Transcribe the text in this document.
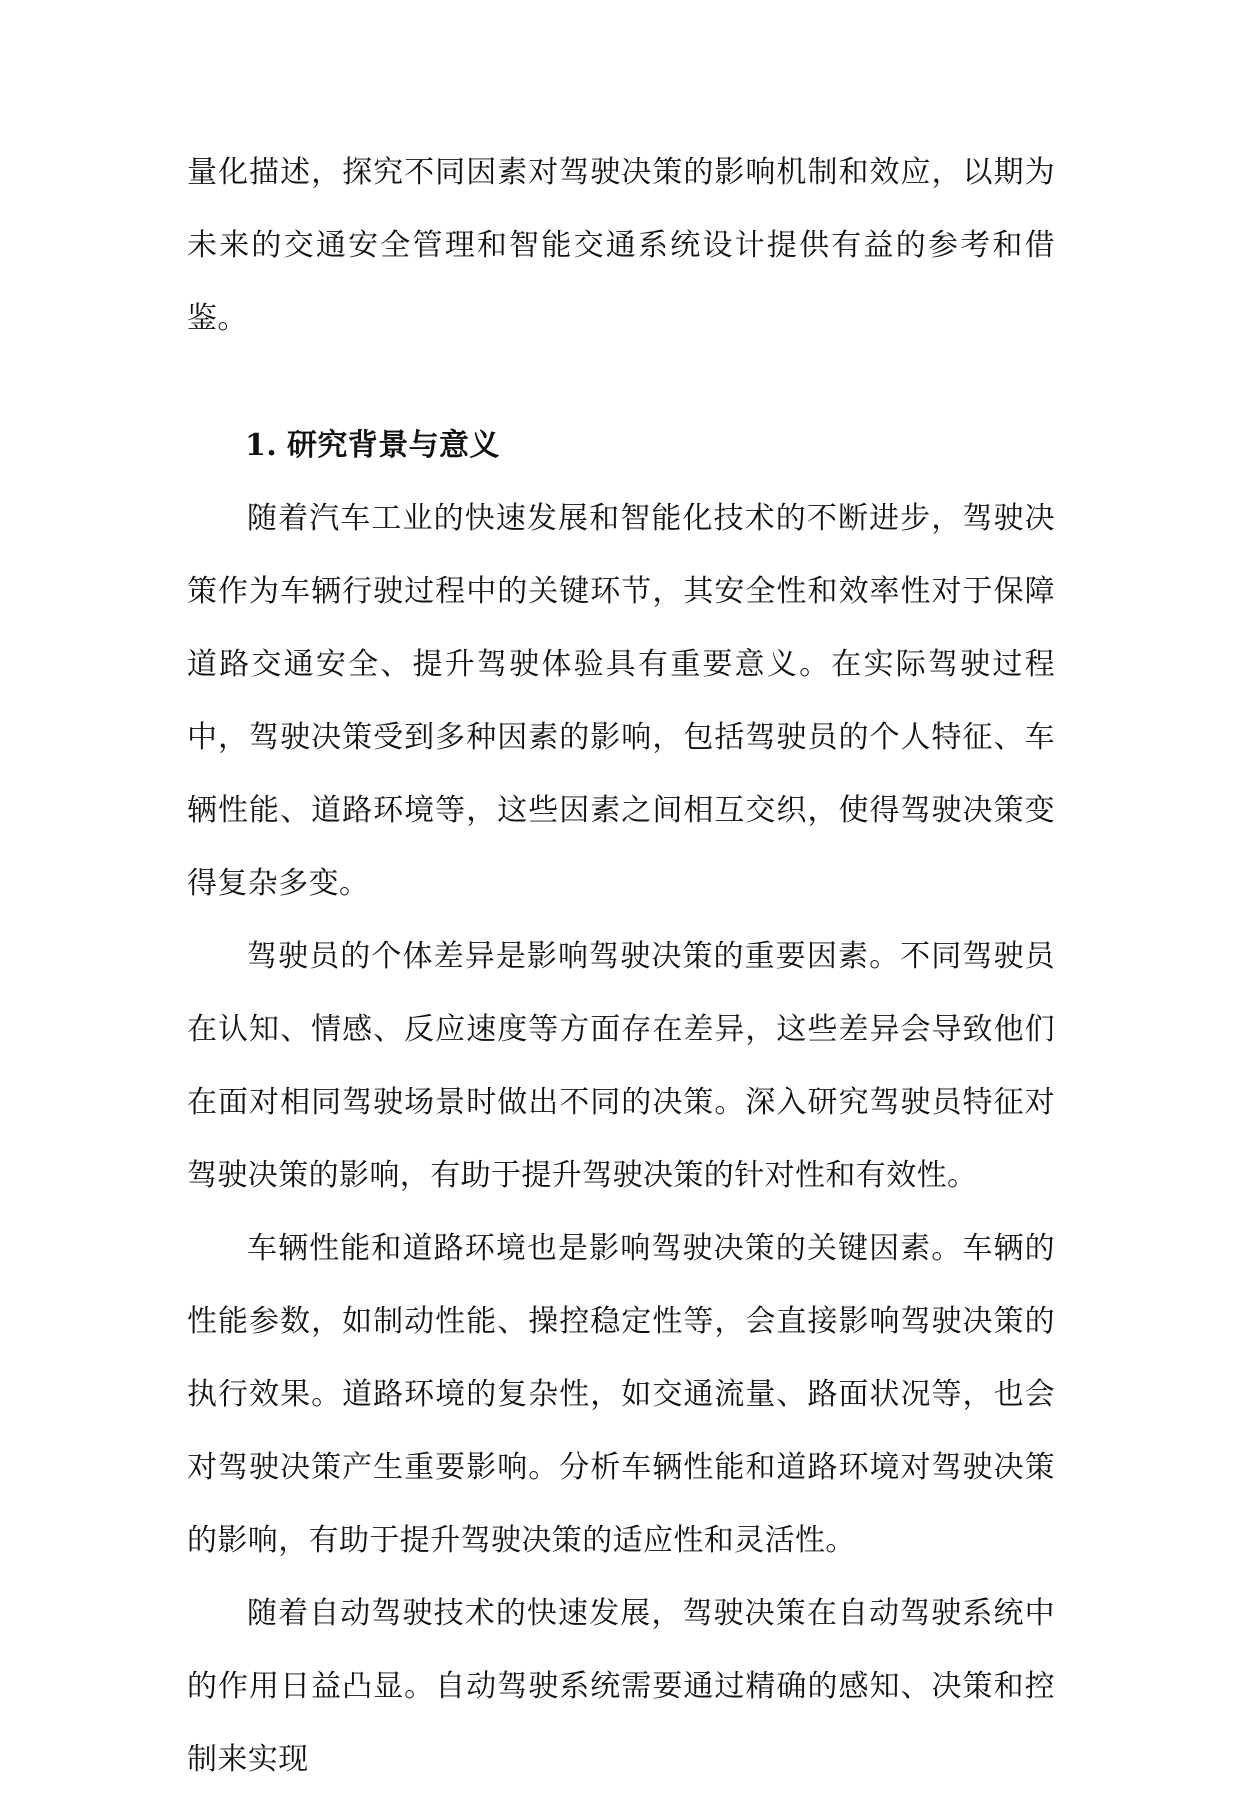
量化描述，探究不同因素对驾驶决策的影响机制和效应，以期为未来的交通安全管理和智能交通系统设计提供有益的参考和借鉴。

1. 研究背景与意义

随着汽车工业的快速发展和智能化技术的不断进步，驾驶决策作为车辆行驶过程中的关键环节，其安全性和效率性对于保障道路交通安全、提升驾驶体验具有重要意义。在实际驾驶过程中，驾驶决策受到多种因素的影响，包括驾驶员的个人特征、车辆性能、道路环境等，这些因素之间相互交织，使得驾驶决策变得复杂多变。

驾驶员的个体差异是影响驾驶决策的重要因素。不同驾驶员在认知、情感、反应速度等方面存在差异，这些差异会导致他们在面对相同驾驶场景时做出不同的决策。深入研究驾驶员特征对驾驶决策的影响，有助于提升驾驶决策的针对性和有效性。

车辆性能和道路环境也是影响驾驶决策的关键因素。车辆的性能参数，如制动性能、操控稳定性等，会直接影响驾驶决策的执行效果。道路环境的复杂性，如交通流量、路面状况等，也会对驾驶决策产生重要影响。分析车辆性能和道路环境对驾驶决策的影响，有助于提升驾驶决策的适应性和灵活性。

随着自动驾驶技术的快速发展，驾驶决策在自动驾驶系统中的作用日益凸显。自动驾驶系统需要通过精确的感知、决策和控制来实现
